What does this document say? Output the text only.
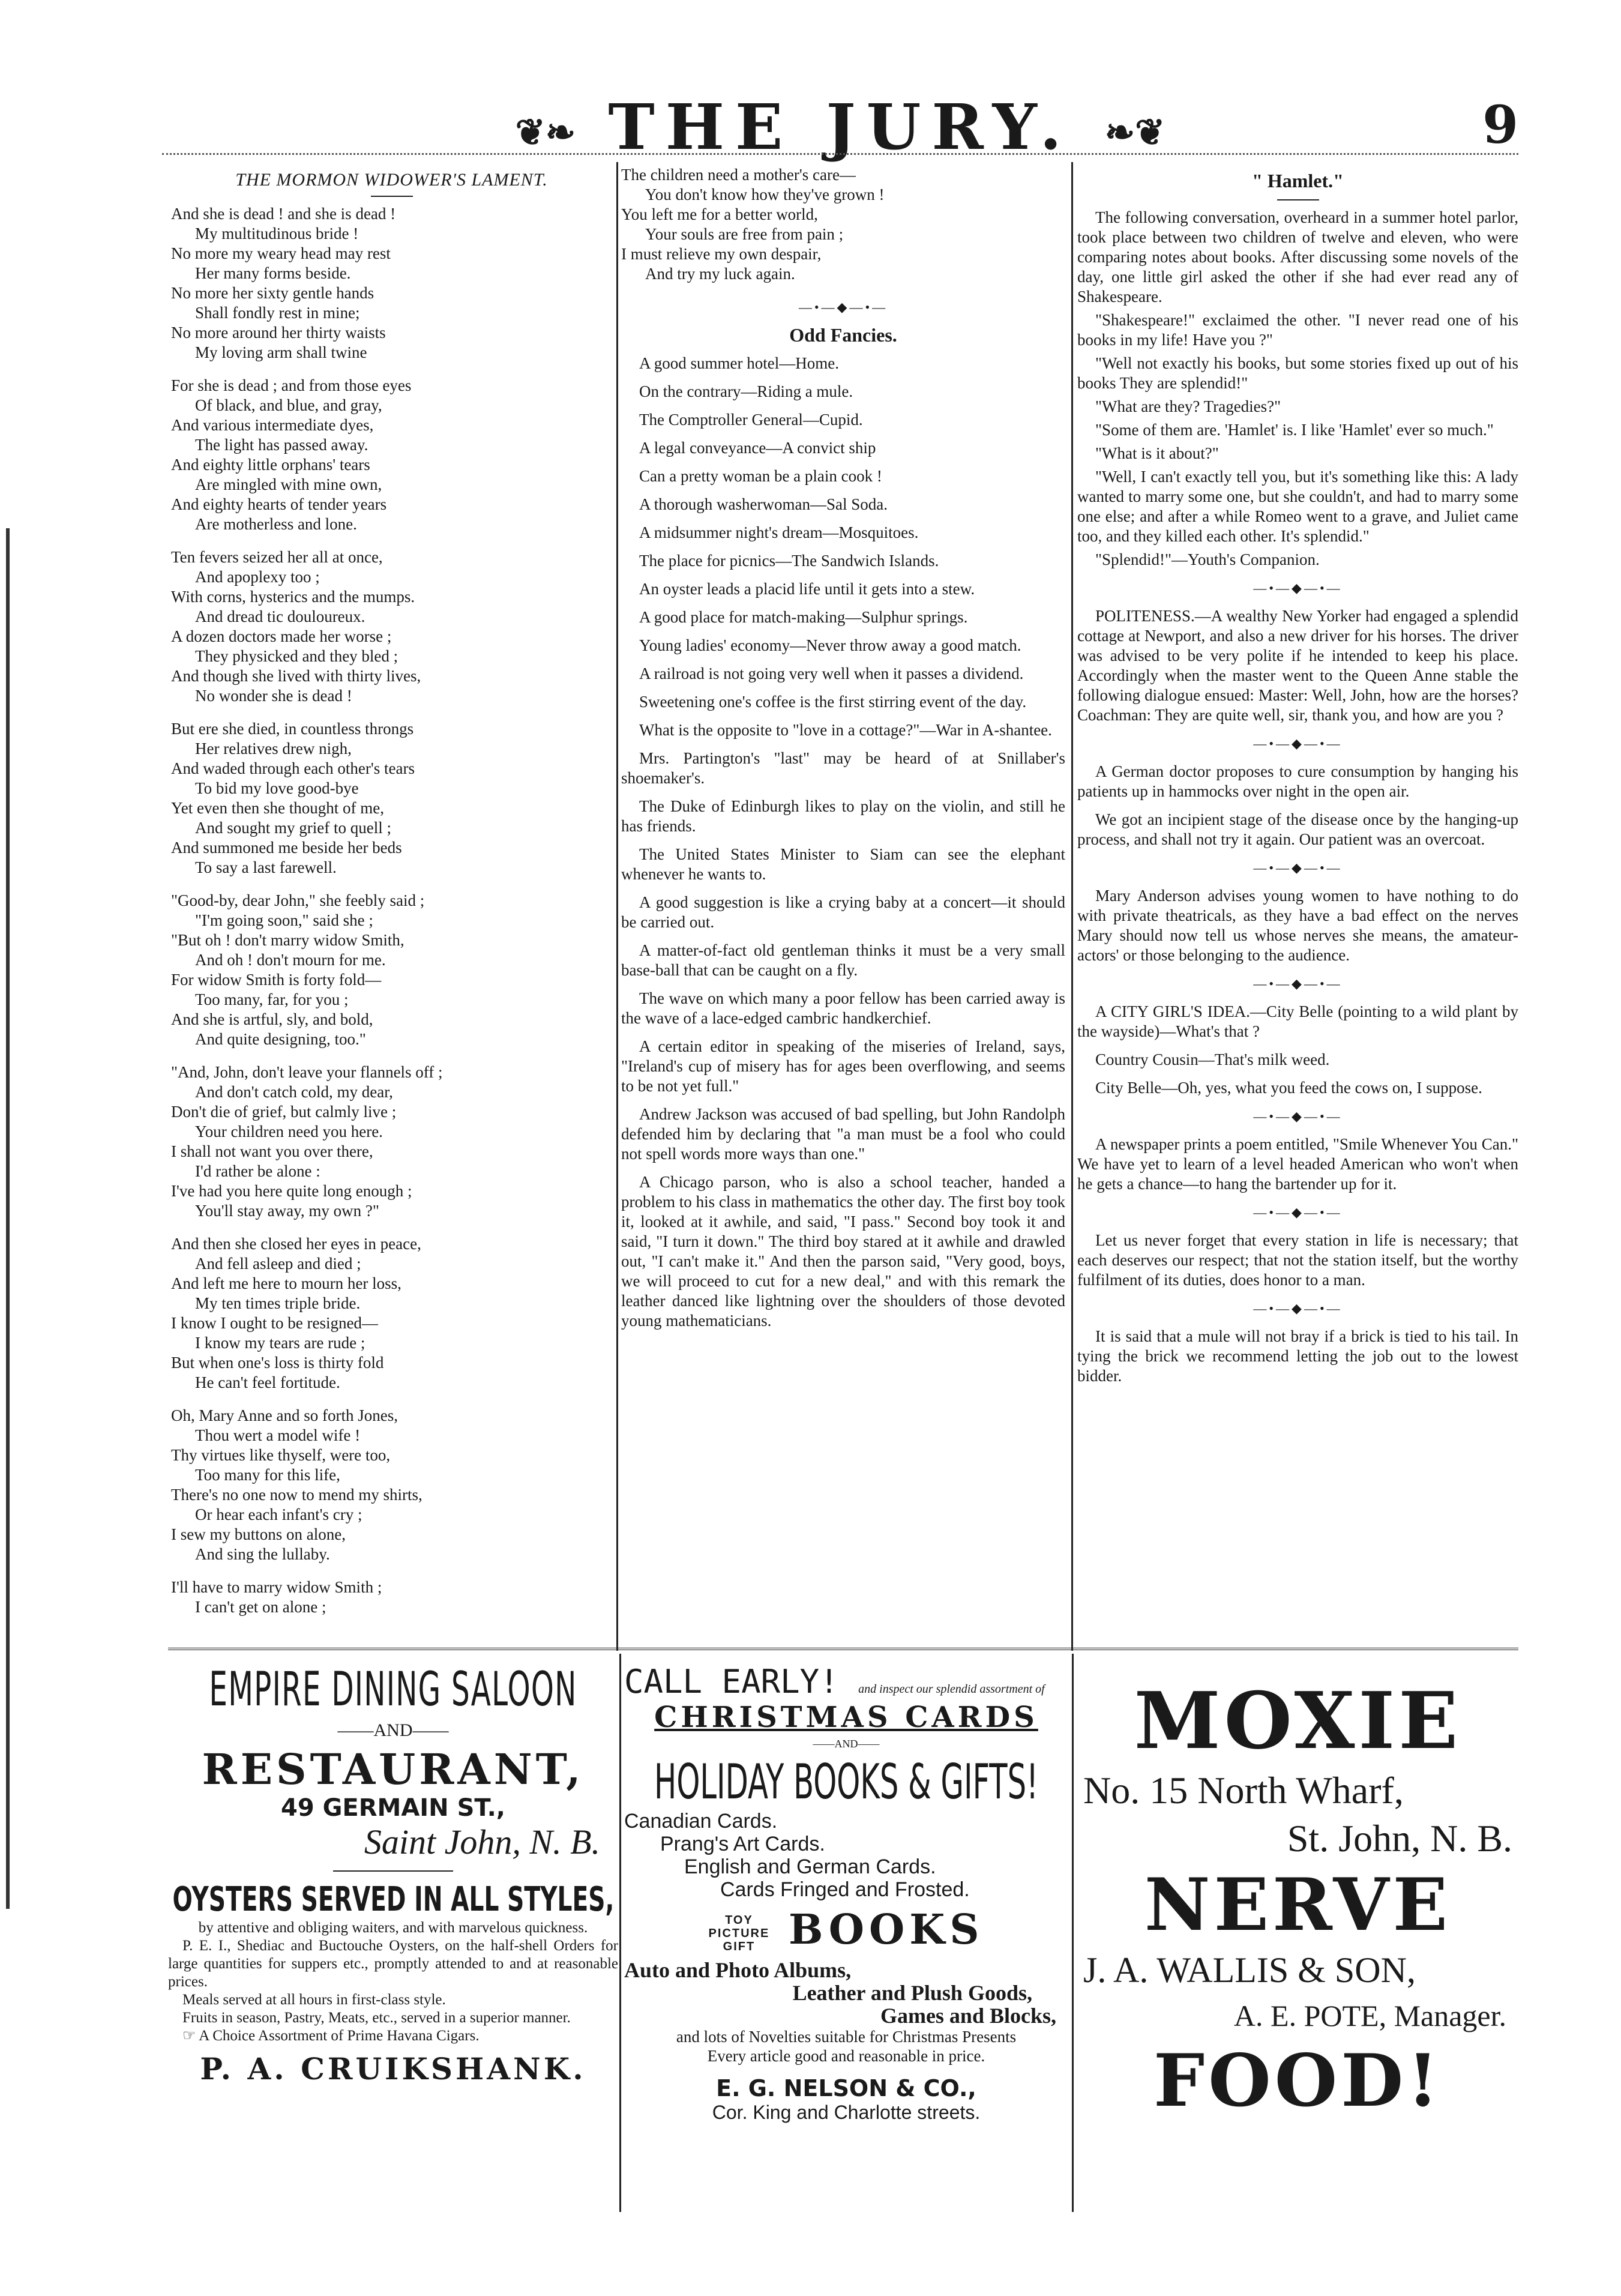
❦❧ THE JURY. ❧❦	9
THE MORMON WIDOWER'S LAMENT.
And she is dead ! and she is dead !
My multitudinous bride !
No more my weary head may rest
Her many forms beside.
No more her sixty gentle hands
Shall fondly rest in mine;
No more around her thirty waists
My loving arm shall twine
For she is dead ; and from those eyes
Of black, and blue, and gray,
And various intermediate dyes,
The light has passed away.
And eighty little orphans' tears
Are mingled with mine own,
And eighty hearts of tender years
Are motherless and lone.
Ten fevers seized her all at once,
And apoplexy too ;
With corns, hysterics and the mumps.
And dread tic douloureux.
A dozen doctors made her worse ;
They physicked and they bled ;
And though she lived with thirty lives,
No wonder she is dead !
But ere she died, in countless throngs
Her relatives drew nigh,
And waded through each other's tears
To bid my love good-bye
Yet even then she thought of me,
And sought my grief to quell ;
And summoned me beside her beds
To say a last farewell.
"Good-by, dear John," she feebly said ;
"I'm going soon," said she ;
"But oh ! don't marry widow Smith,
And oh ! don't mourn for me.
For widow Smith is forty fold—
Too many, far, for you ;
And she is artful, sly, and bold,
And quite designing, too."
"And, John, don't leave your flannels off ;
And don't catch cold, my dear,
Don't die of grief, but calmly live ;
Your children need you here.
I shall not want you over there,
I'd rather be alone :
I've had you here quite long enough ;
You'll stay away, my own ?"
And then she closed her eyes in peace,
And fell asleep and died ;
And left me here to mourn her loss,
My ten times triple bride.
I know I ought to be resigned—
I know my tears are rude ;
But when one's loss is thirty fold
He can't feel fortitude.
Oh, Mary Anne and so forth Jones,
Thou wert a model wife !
Thy virtues like thyself, were too,
Too many for this life,
There's no one now to mend my shirts,
Or hear each infant's cry ;
I sew my buttons on alone,
And sing the lullaby.
I'll have to marry widow Smith ;
I can't get on alone ;
The children need a mother's care—
You don't know how they've grown !
You left me for a better world,
Your souls are free from pain ;
I must relieve my own despair,
And try my luck again.
—•—◆—•—
Odd Fancies.
A good summer hotel—Home.
On the contrary—Riding a mule.
The Comptroller General—Cupid.
A legal conveyance—A convict ship
Can a pretty woman be a plain cook !
A thorough washerwoman—Sal Soda.
A midsummer night's dream—Mosquitoes.
The place for picnics—The Sandwich Islands.
An oyster leads a placid life until it gets into a stew.
A good place for match-making—Sulphur springs.
Young ladies' economy—Never throw away a good match.
A railroad is not going very well when it passes a dividend.
Sweetening one's coffee is the first stirring event of the day.
What is the opposite to "love in a cottage?"—War in A-shantee.
Mrs. Partington's "last" may be heard of at Snillaber's shoemaker's.
The Duke of Edinburgh likes to play on the violin, and still he has friends.
The United States Minister to Siam can see the elephant whenever he wants to.
A good suggestion is like a crying baby at a concert—it should be carried out.
A matter-of-fact old gentleman thinks it must be a very small base-ball that can be caught on a fly.
The wave on which many a poor fellow has been carried away is the wave of a lace-edged cambric handkerchief.
A certain editor in speaking of the miseries of Ireland, says, "Ireland's cup of misery has for ages been overflowing, and seems to be not yet full."
Andrew Jackson was accused of bad spelling, but John Randolph defended him by declaring that "a man must be a fool who could not spell words more ways than one."
A Chicago parson, who is also a school teacher, handed a problem to his class in mathematics the other day. The first boy took it, looked at it awhile, and said, "I pass." Second boy took it and said, "I turn it down." The third boy stared at it awhile and drawled out, "I can't make it." And then the parson said, "Very good, boys, we will proceed to cut for a new deal," and with this remark the leather danced like lightning over the shoulders of those devoted young mathematicians.
" Hamlet."
The following conversation, overheard in a summer hotel parlor, took place between two children of twelve and eleven, who were comparing notes about books. After discussing some novels of the day, one little girl asked the other if she had ever read any of Shakespeare.
"Shakespeare!" exclaimed the other. "I never read one of his books in my life! Have you ?"
"Well not exactly his books, but some stories fixed up out of his books They are splendid!"
"What are they? Tragedies?"
"Some of them are. 'Hamlet' is. I like 'Hamlet' ever so much."
"What is it about?"
"Well, I can't exactly tell you, but it's something like this: A lady wanted to marry some one, but she couldn't, and had to marry some one else; and after a while Romeo went to a grave, and Juliet came too, and they killed each other. It's splendid."
"Splendid!"—Youth's Companion.
—•—◆—•—
POLITENESS.—A wealthy New Yorker had engaged a splendid cottage at Newport, and also a new driver for his horses. The driver was advised to be very polite if he intended to keep his place. Accordingly when the master went to the Queen Anne stable the following dialogue ensued: Master: Well, John, how are the horses? Coachman: They are quite well, sir, thank you, and how are you ?
—•—◆—•—
A German doctor proposes to cure consumption by hanging his patients up in hammocks over night in the open air.
We got an incipient stage of the disease once by the hanging-up process, and shall not try it again. Our patient was an overcoat.
—•—◆—•—
Mary Anderson advises young women to have nothing to do with private theatricals, as they have a bad effect on the nerves Mary should now tell us whose nerves she means, the amateur-actors' or those belonging to the audience.
—•—◆—•—
A CITY GIRL'S IDEA.—City Belle (pointing to a wild plant by the wayside)—What's that ?
Country Cousin—That's milk weed.
City Belle—Oh, yes, what you feed the cows on, I suppose.
—•—◆—•—
A newspaper prints a poem entitled, "Smile Whenever You Can." We have yet to learn of a level headed American who won't when he gets a chance—to hang the bartender up for it.
—•—◆—•—
Let us never forget that every station in life is necessary; that each deserves our respect; that not the station itself, but the worthy fulfilment of its duties, does honor to a man.
—•—◆—•—
It is said that a mule will not bray if a brick is tied to his tail. In tying the brick we recommend letting the job out to the lowest bidder.
EMPIRE DINING SALOON
——AND——
RESTAURANT,
49 GERMAIN ST.,
Saint John, N. B.
OYSTERS SERVED IN ALL STYLES,
by attentive and obliging waiters, and with marvelous quickness.
P. E. I., Shediac and Buctouche Oysters, on the half-shell Orders for large quantities for suppers etc., promptly attended to and at reasonable prices.
Meals served at all hours in first-class style.
Fruits in season, Pastry, Meats, etc., served in a superior manner.
☞ A Choice Assortment of Prime Havana Cigars.
P. A. CRUIKSHANK.
CALL EARLY! and inspect our splendid assortment of
CHRISTMAS CARDS
——AND——
HOLIDAY BOOKS & GIFTS!
Canadian Cards.
Prang's Art Cards.
English and German Cards.
Cards Fringed and Frosted.
TOY
PICTURE
GIFT BOOKS
Auto and Photo Albums,
Leather and Plush Goods,
Games and Blocks,
and lots of Novelties suitable for Christmas Presents
Every article good and reasonable in price.
E. G. NELSON & CO.,
Cor. King and Charlotte streets.
MOXIE
No. 15 North Wharf,
St. John, N. B.
NERVE
J. A. WALLIS & SON,
A. E. POTE, Manager.
FOOD!
